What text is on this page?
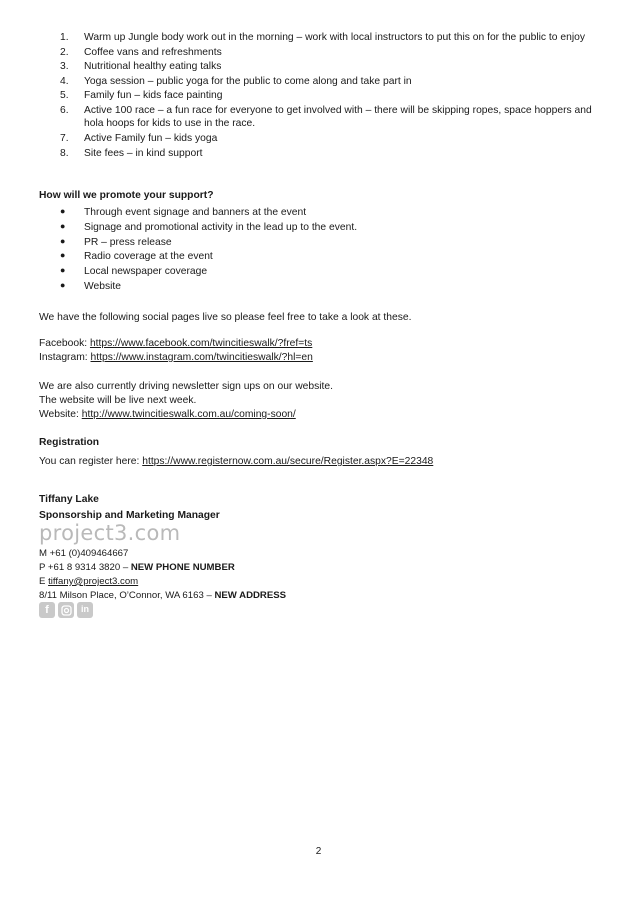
1. Warm up Jungle body work out in the morning – work with local instructors to put this on for the public to enjoy
2. Coffee vans and refreshments
3. Nutritional healthy eating talks
4. Yoga session – public yoga for the public to come along and take part in
5. Family fun – kids face painting
6. Active 100 race – a fun race for everyone to get involved with – there will be skipping ropes, space hoppers and hola hoops for kids to use in the race.
7. Active Family fun – kids yoga
8. Site fees – in kind support
How will we promote your support?
● Through event signage and banners at the event
● Signage and promotional activity in the lead up to the event.
● PR – press release
● Radio coverage at the event
● Local newspaper coverage
● Website
We have the following social pages live so please feel free to take a look at these.
Facebook: https://www.facebook.com/twincitieswalk/?fref=ts
Instagram: https://www.instagram.com/twincitieswalk/?hl=en
We are also currently driving newsletter sign ups on our website.
The website will be live next week.
Website: http://www.twincitieswalk.com.au/coming-soon/
Registration
You can register here: https://www.registernow.com.au/secure/Register.aspx?E=22348
Tiffany Lake
Sponsorship and Marketing Manager
project3.com
M +61 (0)409464667
P +61 8 9314 3820 – NEW PHONE NUMBER
E tiffany@project3.com
8/11 Milson Place, O’Connor, WA 6163 – NEW ADDRESS
f	in
2
